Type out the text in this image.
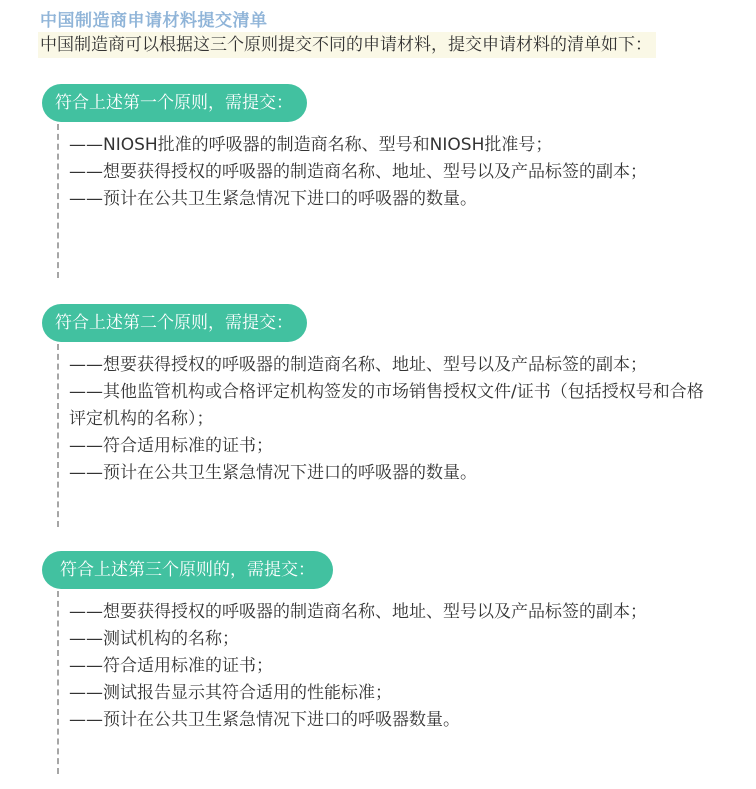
中国制造商申请材料提交清单
中国制造商可以根据这三个原则提交不同的申请材料，提交申请材料的清单如下：
符合上述第一个原则，需提交：
——NIOSH批准的呼吸器的制造商名称、型号和NIOSH批准号；
——想要获得授权的呼吸器的制造商名称、地址、型号以及产品标签的副本；
——预计在公共卫生紧急情况下进口的呼吸器的数量。
符合上述第二个原则，需提交：
——想要获得授权的呼吸器的制造商名称、地址、型号以及产品标签的副本；
——其他监管机构或合格评定机构签发的市场销售授权文件/证书（包括授权号和合格评定机构的名称）；
——符合适用标准的证书；
——预计在公共卫生紧急情况下进口的呼吸器的数量。
符合上述第三个原则的，需提交：
——想要获得授权的呼吸器的制造商名称、地址、型号以及产品标签的副本；
——测试机构的名称；
——符合适用标准的证书；
——测试报告显示其符合适用的性能标准；
——预计在公共卫生紧急情况下进口的呼吸器数量。
